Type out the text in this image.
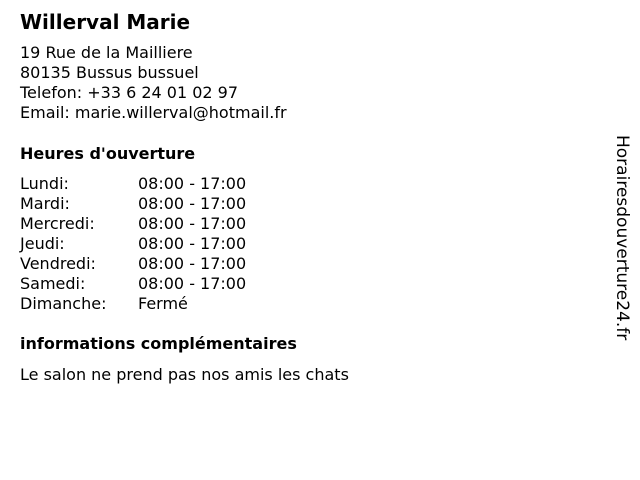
Willerval Marie
19 Rue de la Mailliere
80135 Bussus bussuel
Telefon: +33 6 24 01 02 97
Email: marie.willerval@hotmail.fr
Heures d'ouverture
Lundi:	08:00 - 17:00
Mardi:	08:00 - 17:00
Mercredi:	08:00 - 17:00
Jeudi:	08:00 - 17:00
Vendredi:	08:00 - 17:00
Samedi:	08:00 - 17:00
Dimanche: Fermé
informations complémentaires
Le salon ne prend pas nos amis les chats
Horairesdouverture24.fr
